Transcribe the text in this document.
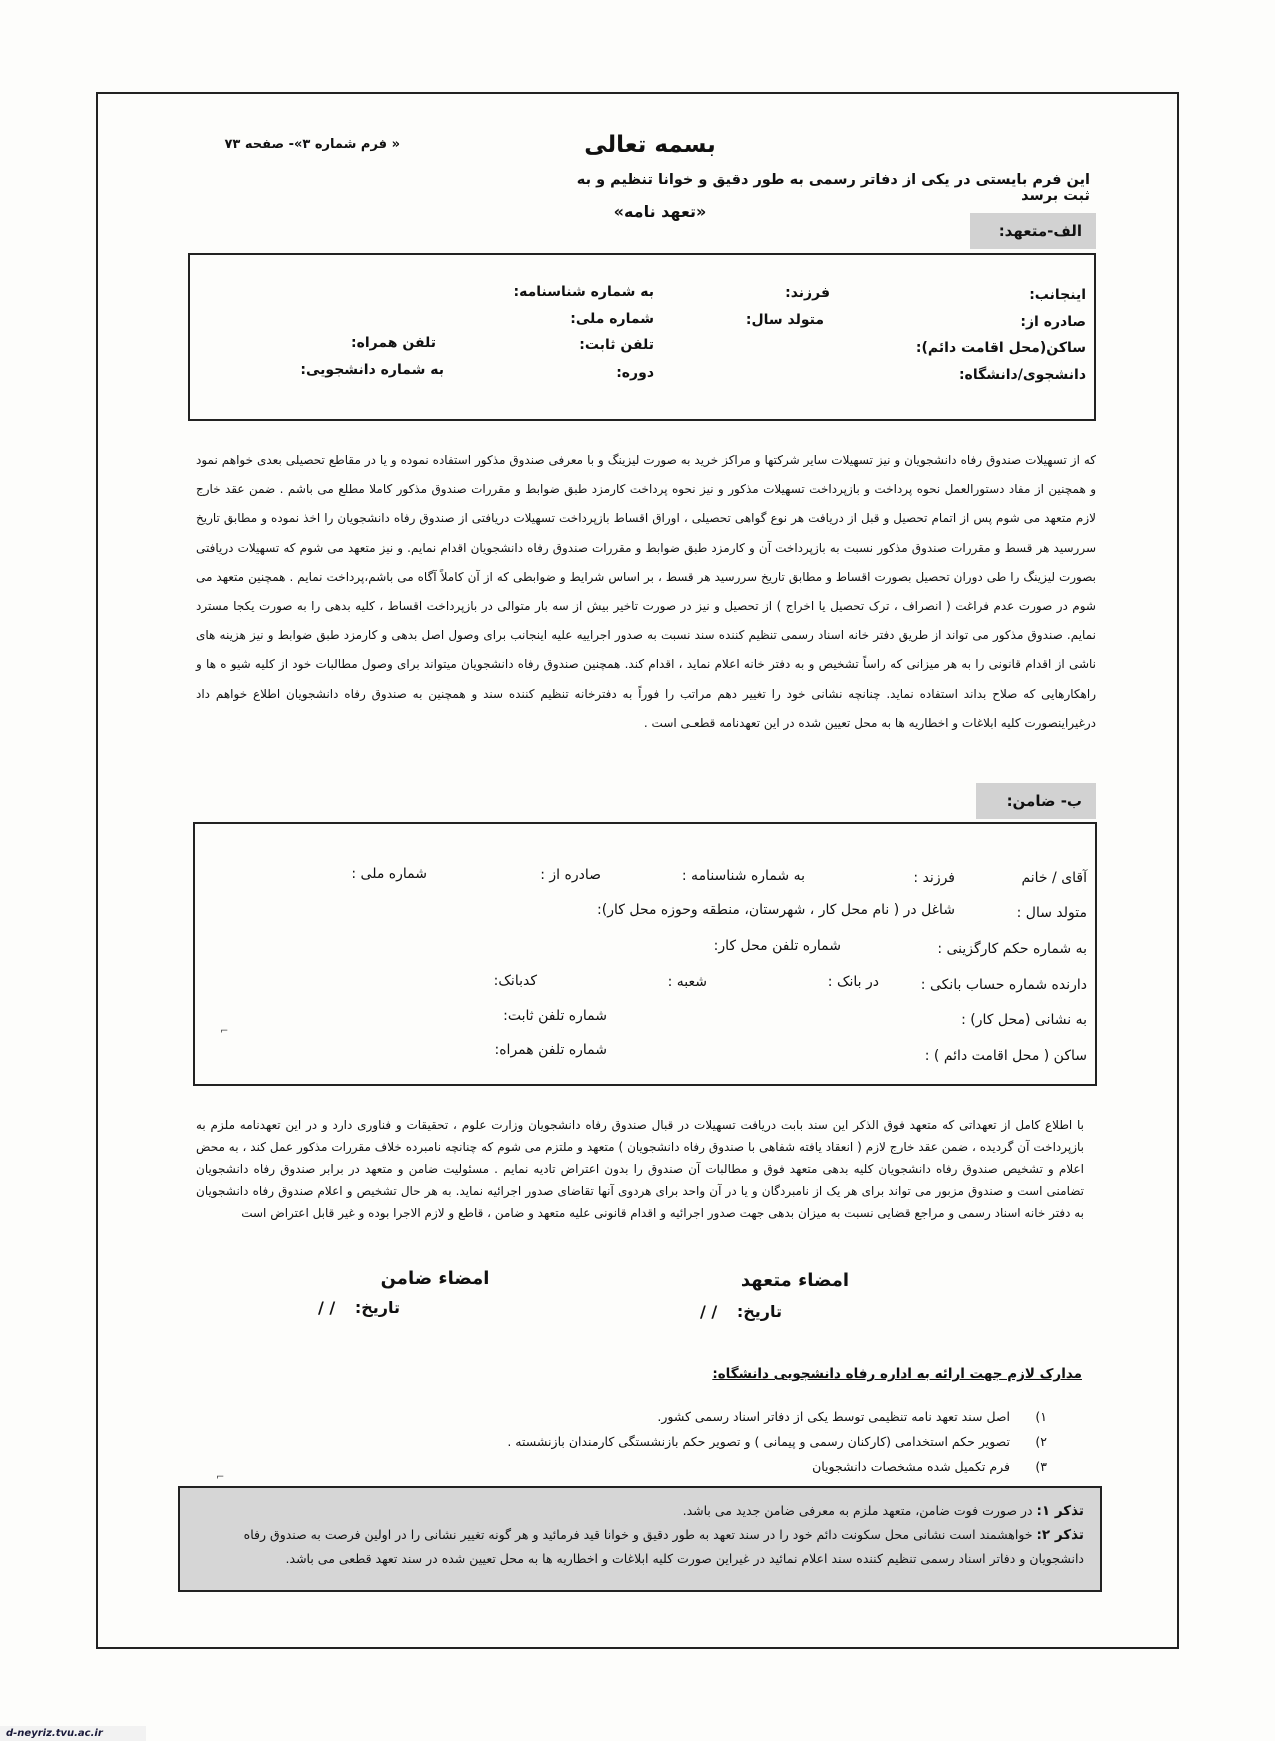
« فرم شماره ۳»- صفحه ۷۳	بسمه تعالی
این فرم بایستی در یکی از دفاتر رسمی به طور دقیق و خوانا تنظیم و به ثبت برسد
«تعهد نامه»
الف-متعهد:
اینجانب:
فرزند:
به شماره شناسنامه:
صادره از:
متولد سال:
شماره ملی:
ساکن(محل اقامت دائم):
تلفن ثابت:
تلفن همراه:
دانشجوی/دانشگاه:
دوره:
به شماره دانشجویی:
که از تسهیلات صندوق رفاه دانشجویان و نیز تسهیلات سایر شرکتها و مراکز خرید به صورت لیزینگ و با معرفی صندوق مذکور استفاده نموده و یا در مقاطع تحصیلی بعدی خواهم نمود و همچنین از مفاد دستورالعمل نحوه پرداخت و بازپرداخت تسهیلات مذکور و نیز نحوه پرداخت کارمزد طبق ضوابط و مقررات صندوق مذکور کاملا مطلع می باشم . ضمن عقد خارج لازم متعهد می شوم پس از اتمام تحصیل و قبل از دریافت هر نوع گواهی تحصیلی ، اوراق اقساط بازپرداخت تسهیلات دریافتی از صندوق رفاه دانشجویان را اخذ نموده و مطابق تاریخ سررسید هر قسط و مقررات صندوق مذکور نسبت به بازپرداخت آن و کارمزد طبق ضوابط و مقررات صندوق رفاه دانشجویان اقدام نمایم. و نیز متعهد می شوم که تسهیلات دریافتی بصورت لیزینگ را طی دوران تحصیل بصورت اقساط و مطابق تاریخ سررسید هر قسط ، بر اساس شرایط و ضوابطی که از آن کاملاً آگاه می باشم،پرداخت نمایم . همچنین متعهد می شوم در صورت عدم فراغت ( انصراف ، ترک تحصیل یا اخراج ) از تحصیل و نیز در صورت تاخیر بیش از سه بار متوالی در بازپرداخت اقساط ، کلیه بدهی را به صورت یکجا مسترد نمایم. صندوق مذکور می تواند از طریق دفتر خانه اسناد رسمی تنظیم کننده سند نسبت به صدور اجراییه علیه اینجانب برای وصول اصل بدهی و کارمزد طبق ضوابط و نیز هزینه های ناشی از اقدام قانونی را به هر میزانی که راساً تشخیص و به دفتر خانه اعلام نماید ، اقدام کند. همچنین صندوق رفاه دانشجویان میتواند برای وصول مطالبات خود از کلیه شیو ه ها و راهکارهایی که صلاح بداند استفاده نماید. چنانچه نشانی خود را تغییر دهم مراتب را فوراً به دفترخانه تنظیم کننده سند و همچنین به صندوق رفاه دانشجویان اطلاع خواهم داد درغیراینصورت کلیه ابلاغات و اخطاریه ها به محل تعیین شده در این تعهدنامه قطعـی است .
ب- ضامن:
آقای / خانم
فرزند :
به شماره شناسنامه :
صادره از :
شماره ملی :
متولد سال :
شاغل در ( نام محل کار ، شهرستان، منطقه وحوزه محل کار):
به شماره حکم کارگزینی :
شماره تلفن محل کار:
دارنده شماره حساب بانکی :
در بانک :
شعبه :
کدبانک:
به نشانی (محل کار) :
شماره تلفن ثابت:
ساکن ( محل اقامت دائم ) :
شماره تلفن همراه:
با اطلاع کامل از تعهداتی که متعهد فوق الذکر این سند بابت دریافت تسهیلات در قبال صندوق رفاه دانشجویان وزارت علوم ، تحقیقات و فناوری دارد و در این تعهدنامه ملزم به بازپرداخت آن گردیده ، ضمن عقد خارج لازم ( انعقاد یافته شفاهی با صندوق رفاه دانشجویان ) متعهد و ملتزم می شوم که چنانچه نامبرده خلاف مقررات مذکور عمل کند ، به محض اعلام و تشخیص صندوق رفاه دانشجویان کلیه بدهی متعهد فوق و مطالبات آن صندوق را بدون اعتراض تادیه نمایم . مسئولیت ضامن و متعهد در برابر صندوق رفاه دانشجویان تضامنی است و صندوق مزبور می تواند برای هر یک از نامبردگان و یا در آن واحد برای هردوی آنها تقاضای صدور اجرائیه نماید. به هر حال تشخیص و اعلام صندوق رفاه دانشجویان به دفتر خانه اسناد رسمی و مراجع قضایی نسبت به میزان بدهی جهت صدور اجرائیه و اقدام قانونی علیه متعهد و ضامن ، قاطع و لازم الاجرا بوده و غیر قابل اعتراض است
امضاء متعهد
تاریخ: / /
امضاء ضامن
تاریخ: / /
مدارک لازم جهت ارائه به اداره رفاه دانشجویی دانشگاه:
۱)
اصل سند تعهد نامه تنظیمی توسط یکی از دفاتر اسناد رسمی کشور.
۲)
تصویر حکم استخدامی (کارکنان رسمی و پیمانی ) و تصویر حکم بازنشستگی کارمندان بازنشسته .
۳)
فرم تکمیل شده مشخصات دانشجویان
تذکر ۱: در صورت فوت ضامن، متعهد ملزم به معرفی ضامن جدید می باشد.
تذکر ۲: خواهشمند است نشانی محل سکونت دائم خود را در سند تعهد به طور دقیق و خوانا قید فرمائید و هر گونه تغییر نشانی را در اولین فرصت به صندوق رفاه دانشجویان و دفاتر اسناد رسمی تنظیم کننده سند اعلام نمائید در غیراین صورت کلیه ابلاغات و اخطاریه ها به محل تعیین شده در سند تعهد قطعی می باشد.
⌐
⌐
d-neyriz.tvu.ac.ir
